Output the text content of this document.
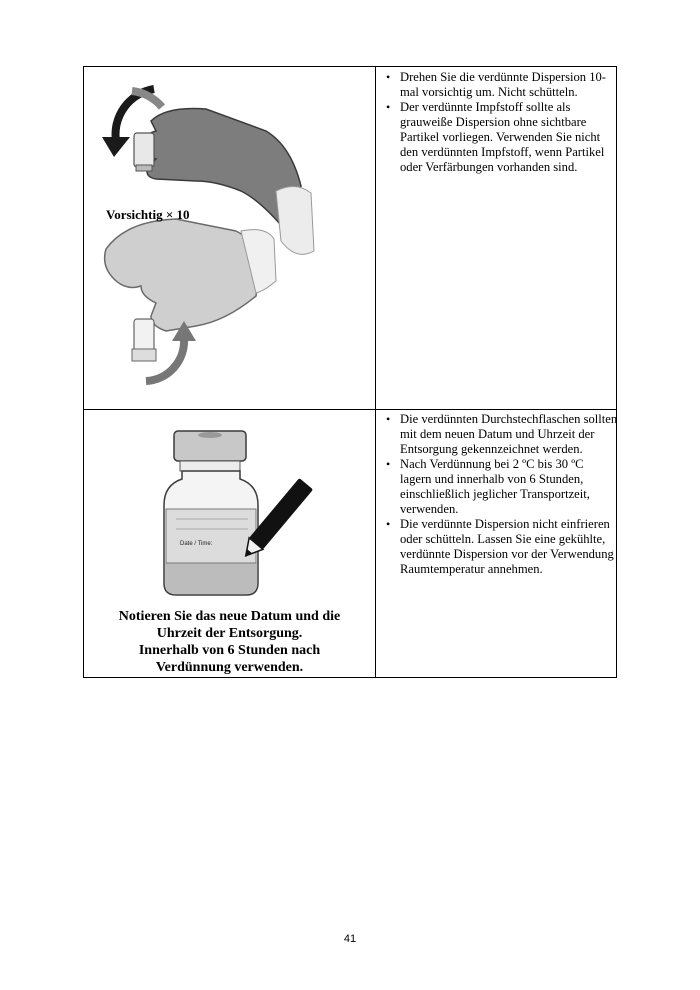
Vorsichtig × 10
• Drehen Sie die verdünnte Dispersion 10-mal vorsichtig um. Nicht schütteln.
• Der verdünnte Impfstoff sollte als grauweiße Dispersion ohne sichtbare Partikel vorliegen. Verwenden Sie nicht den verdünnten Impfstoff, wenn Partikel oder Verfärbungen vorhanden sind.
Date / Time:
Notieren Sie das neue Datum und die
Uhrzeit der Entsorgung.
Innerhalb von 6 Stunden nach
Verdünnung verwenden.
• Die verdünnten Durchstechflaschen sollten mit dem neuen Datum und Uhrzeit der Entsorgung gekennzeichnet werden.
• Nach Verdünnung bei 2 ºC bis 30 ºC lagern und innerhalb von 6 Stunden, einschließlich jeglicher Transportzeit, verwenden.
• Die verdünnte Dispersion nicht einfrieren oder schütteln. Lassen Sie eine gekühlte, verdünnte Dispersion vor der Verwendung Raumtemperatur annehmen.
41
